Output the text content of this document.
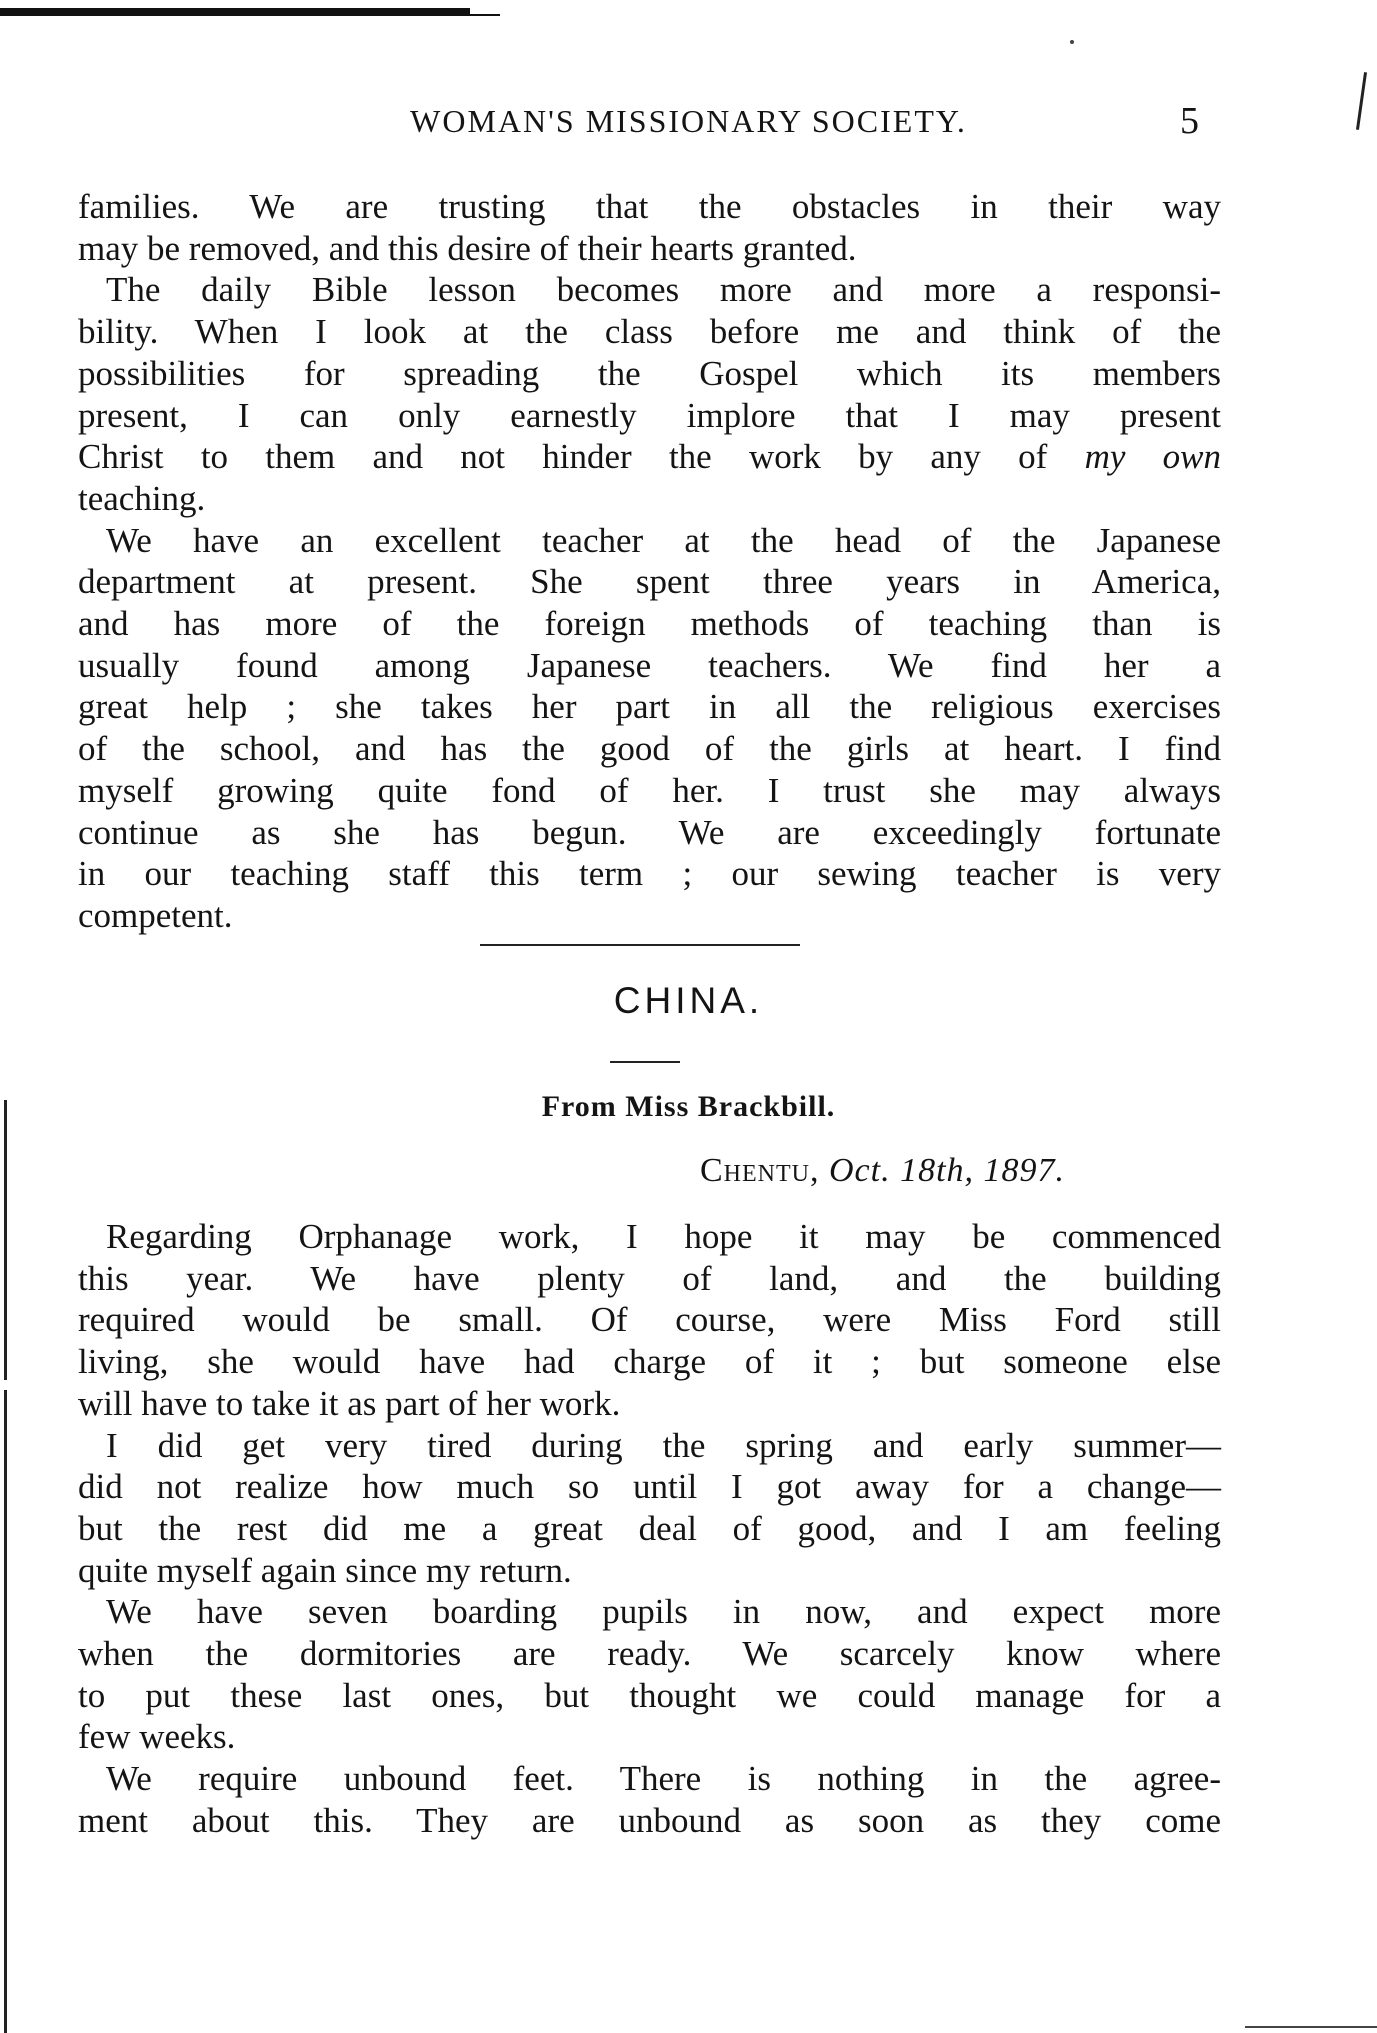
WOMAN'S MISSIONARY SOCIETY.	5

families. We are trusting that the obstacles in their way
may be removed, and this desire of their hearts granted.

The daily Bible lesson becomes more and more a responsi-
bility. When I look at the class before me and think of the
possibilities for spreading the Gospel which its members
present, I can only earnestly implore that I may present
Christ to them and not hinder the work by any of my own
teaching.

We have an excellent teacher at the head of the Japanese
department at present. She spent three years in America,
and has more of the foreign methods of teaching than is
usually found among Japanese teachers. We find her a
great help ; she takes her part in all the religious exercises
of the school, and has the good of the girls at heart. I find
myself growing quite fond of her. I trust she may always
continue as she has begun. We are exceedingly fortunate
in our teaching staff this term ; our sewing teacher is very
competent.

CHINA.
From Miss Brackbill.
Chentu, Oct. 18th, 1897.

Regarding Orphanage work, I hope it may be commenced
this year. We have plenty of land, and the building
required would be small. Of course, were Miss Ford still
living, she would have had charge of it ; but someone else
will have to take it as part of her work.

I did get very tired during the spring and early summer—
did not realize how much so until I got away for a change—
but the rest did me a great deal of good, and I am feeling
quite myself again since my return.

We have seven boarding pupils in now, and expect more
when the dormitories are ready. We scarcely know where
to put these last ones, but thought we could manage for a
few weeks.

We require unbound feet. There is nothing in the agree-
ment about this. They are unbound as soon as they come
